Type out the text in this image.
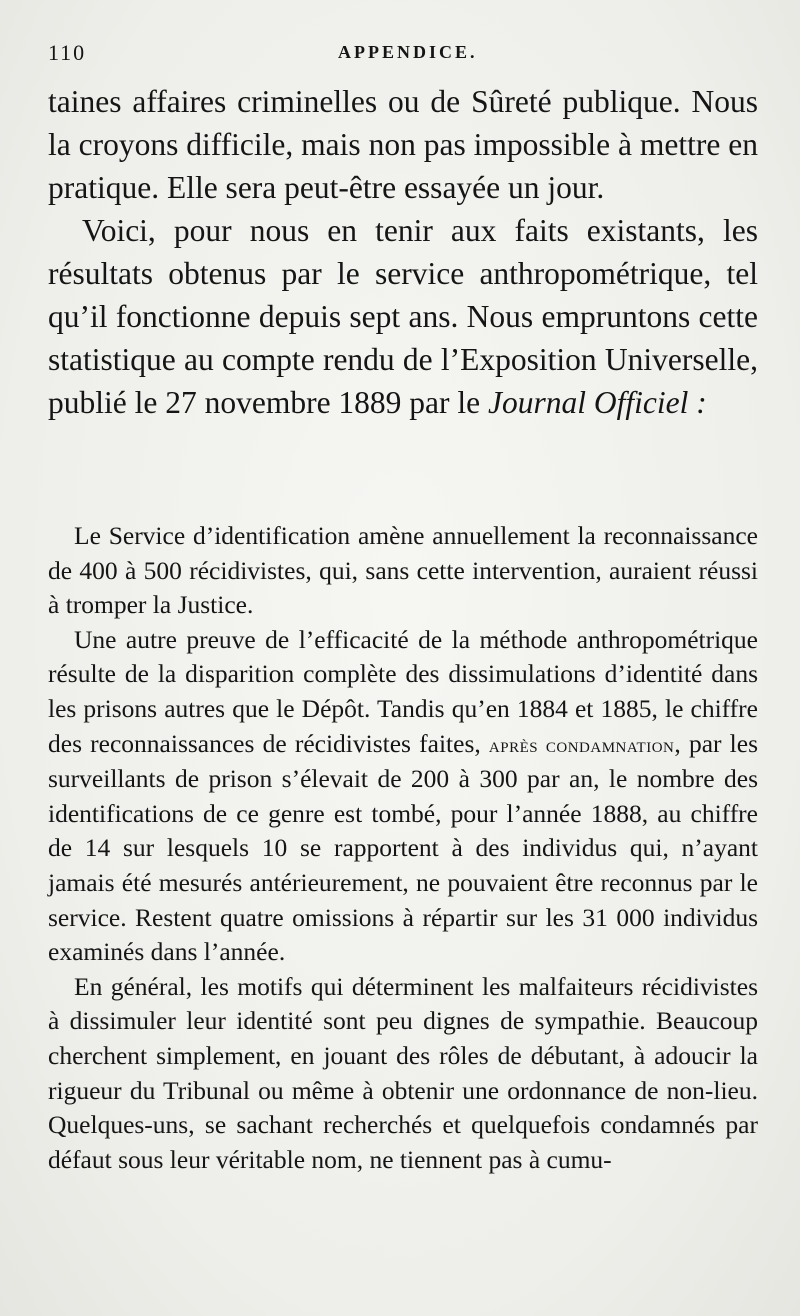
110	APPENDICE.

taines affaires criminelles ou de Sûreté publique. Nous la croyons difficile, mais non pas impossible à mettre en pratique. Elle sera peut-être essayée un jour.

Voici, pour nous en tenir aux faits existants, les résultats obtenus par le service anthropométrique, tel qu’il fonctionne depuis sept ans. Nous empruntons cette statistique au compte rendu de l’Exposition Universelle, publié le 27 novembre 1889 par le Journal Officiel :

Le Service d’identification amène annuellement la reconnaissance de 400 à 500 récidivistes, qui, sans cette intervention, auraient réussi à tromper la Justice.

Une autre preuve de l’efficacité de la méthode anthropométrique résulte de la disparition complète des dissimulations d’identité dans les prisons autres que le Dépôt. Tandis qu’en 1884 et 1885, le chiffre des reconnaissances de récidivistes faites, après condamnation, par les surveillants de prison s’élevait de 200 à 300 par an, le nombre des identifications de ce genre est tombé, pour l’année 1888, au chiffre de 14 sur lesquels 10 se rapportent à des individus qui, n’ayant jamais été mesurés antérieurement, ne pouvaient être reconnus par le service. Restent quatre omissions à répartir sur les 31 000 individus examinés dans l’année.

En général, les motifs qui déterminent les malfaiteurs récidivistes à dissimuler leur identité sont peu dignes de sympathie. Beaucoup cherchent simplement, en jouant des rôles de débutant, à adoucir la rigueur du Tribunal ou même à obtenir une ordonnance de non-lieu. Quelques-uns, se sachant recherchés et quelquefois condamnés par défaut sous leur véritable nom, ne tiennent pas à cumu-
